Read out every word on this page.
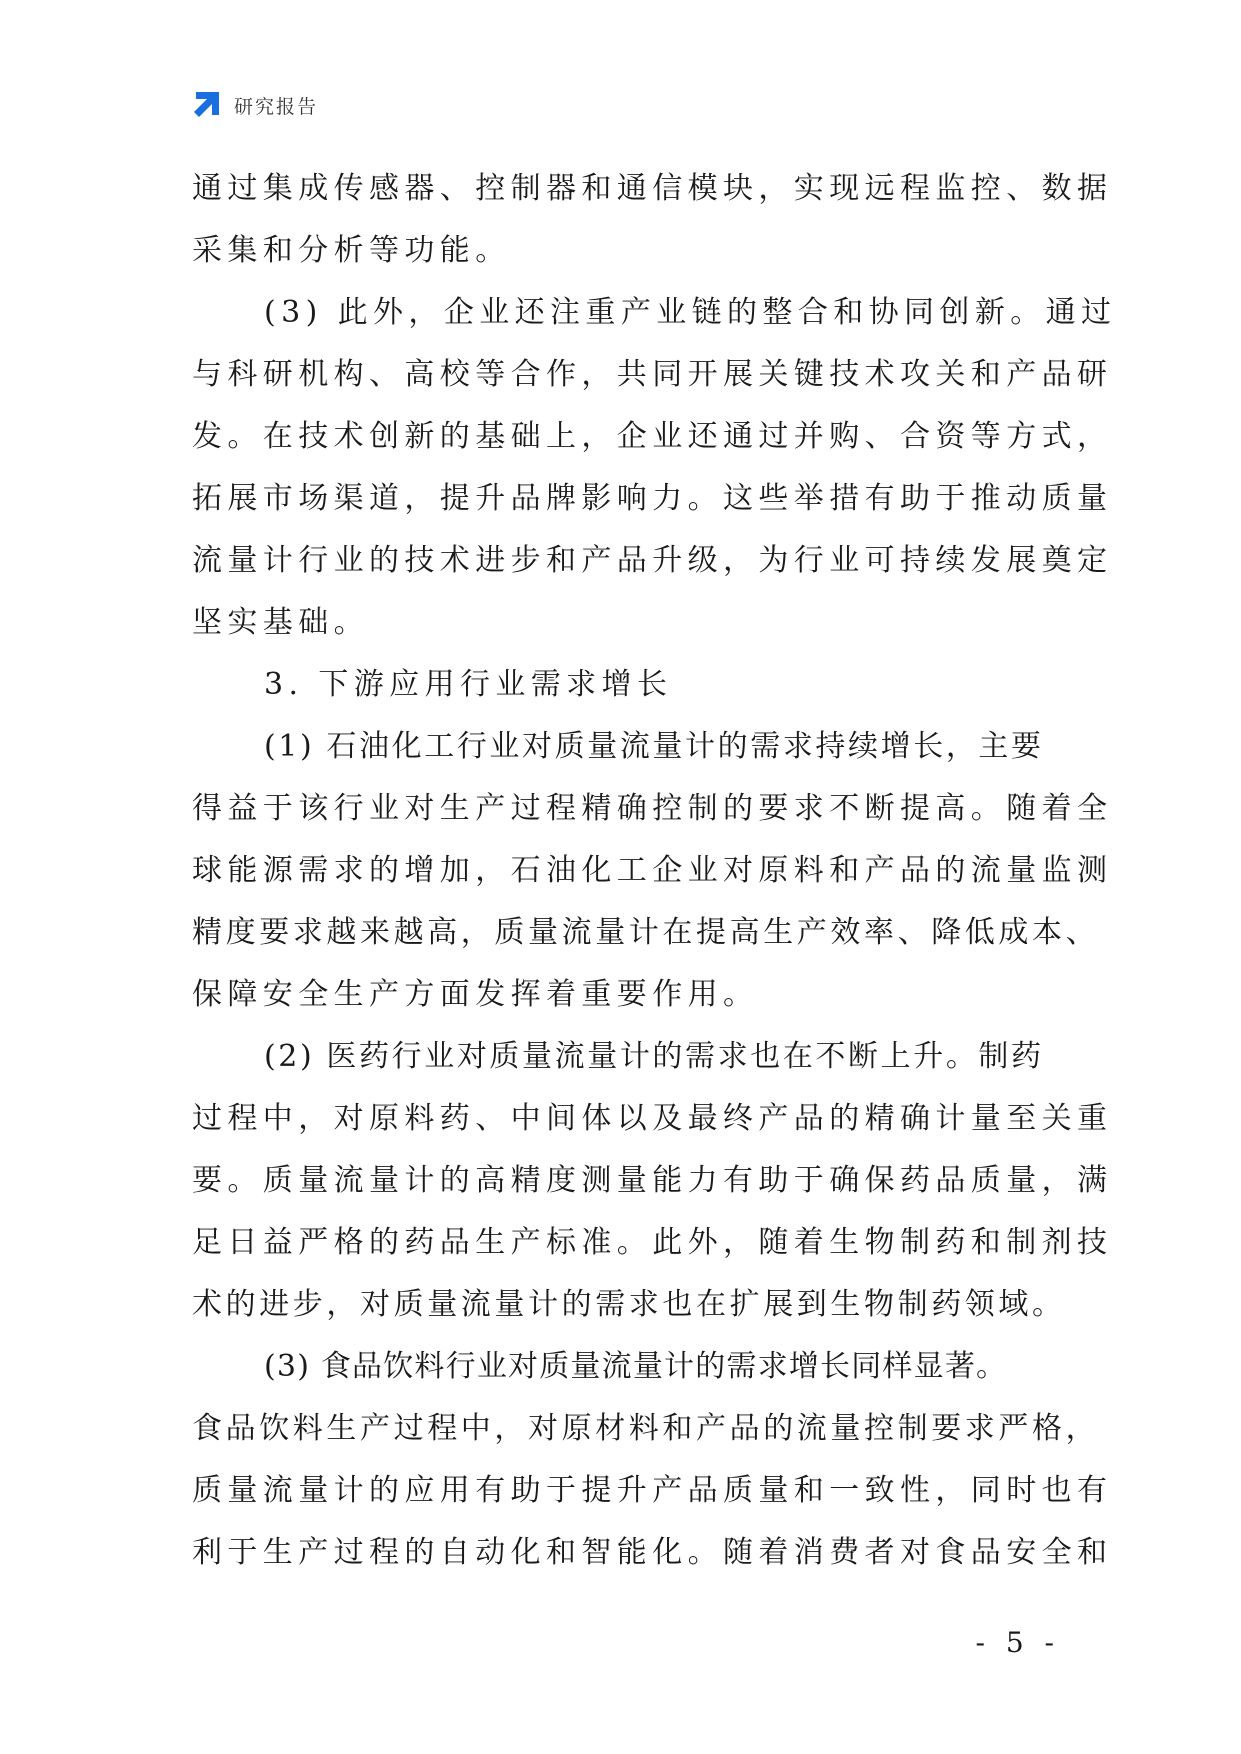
研究报告
通过集成传感器、控制器和通信模块，实现远程监控、数据
采集和分析等功能。
(3) 此外，企业还注重产业链的整合和协同创新。通过
与科研机构、高校等合作，共同开展关键技术攻关和产品研
发。在技术创新的基础上，企业还通过并购、合资等方式，
拓展市场渠道，提升品牌影响力。这些举措有助于推动质量
流量计行业的技术进步和产品升级，为行业可持续发展奠定
坚实基础。
3. 下游应用行业需求增长
(1) 石油化工行业对质量流量计的需求持续增长，主要
得益于该行业对生产过程精确控制的要求不断提高。随着全
球能源需求的增加，石油化工企业对原料和产品的流量监测
精度要求越来越高，质量流量计在提高生产效率、降低成本、
保障安全生产方面发挥着重要作用。
(2) 医药行业对质量流量计的需求也在不断上升。制药
过程中，对原料药、中间体以及最终产品的精确计量至关重
要。质量流量计的高精度测量能力有助于确保药品质量，满
足日益严格的药品生产标准。此外，随着生物制药和制剂技
术的进步，对质量流量计的需求也在扩展到生物制药领域。
(3) 食品饮料行业对质量流量计的需求增长同样显著。
食品饮料生产过程中，对原材料和产品的流量控制要求严格，
质量流量计的应用有助于提升产品质量和一致性，同时也有
利于生产过程的自动化和智能化。随着消费者对食品安全和
- 5 -
